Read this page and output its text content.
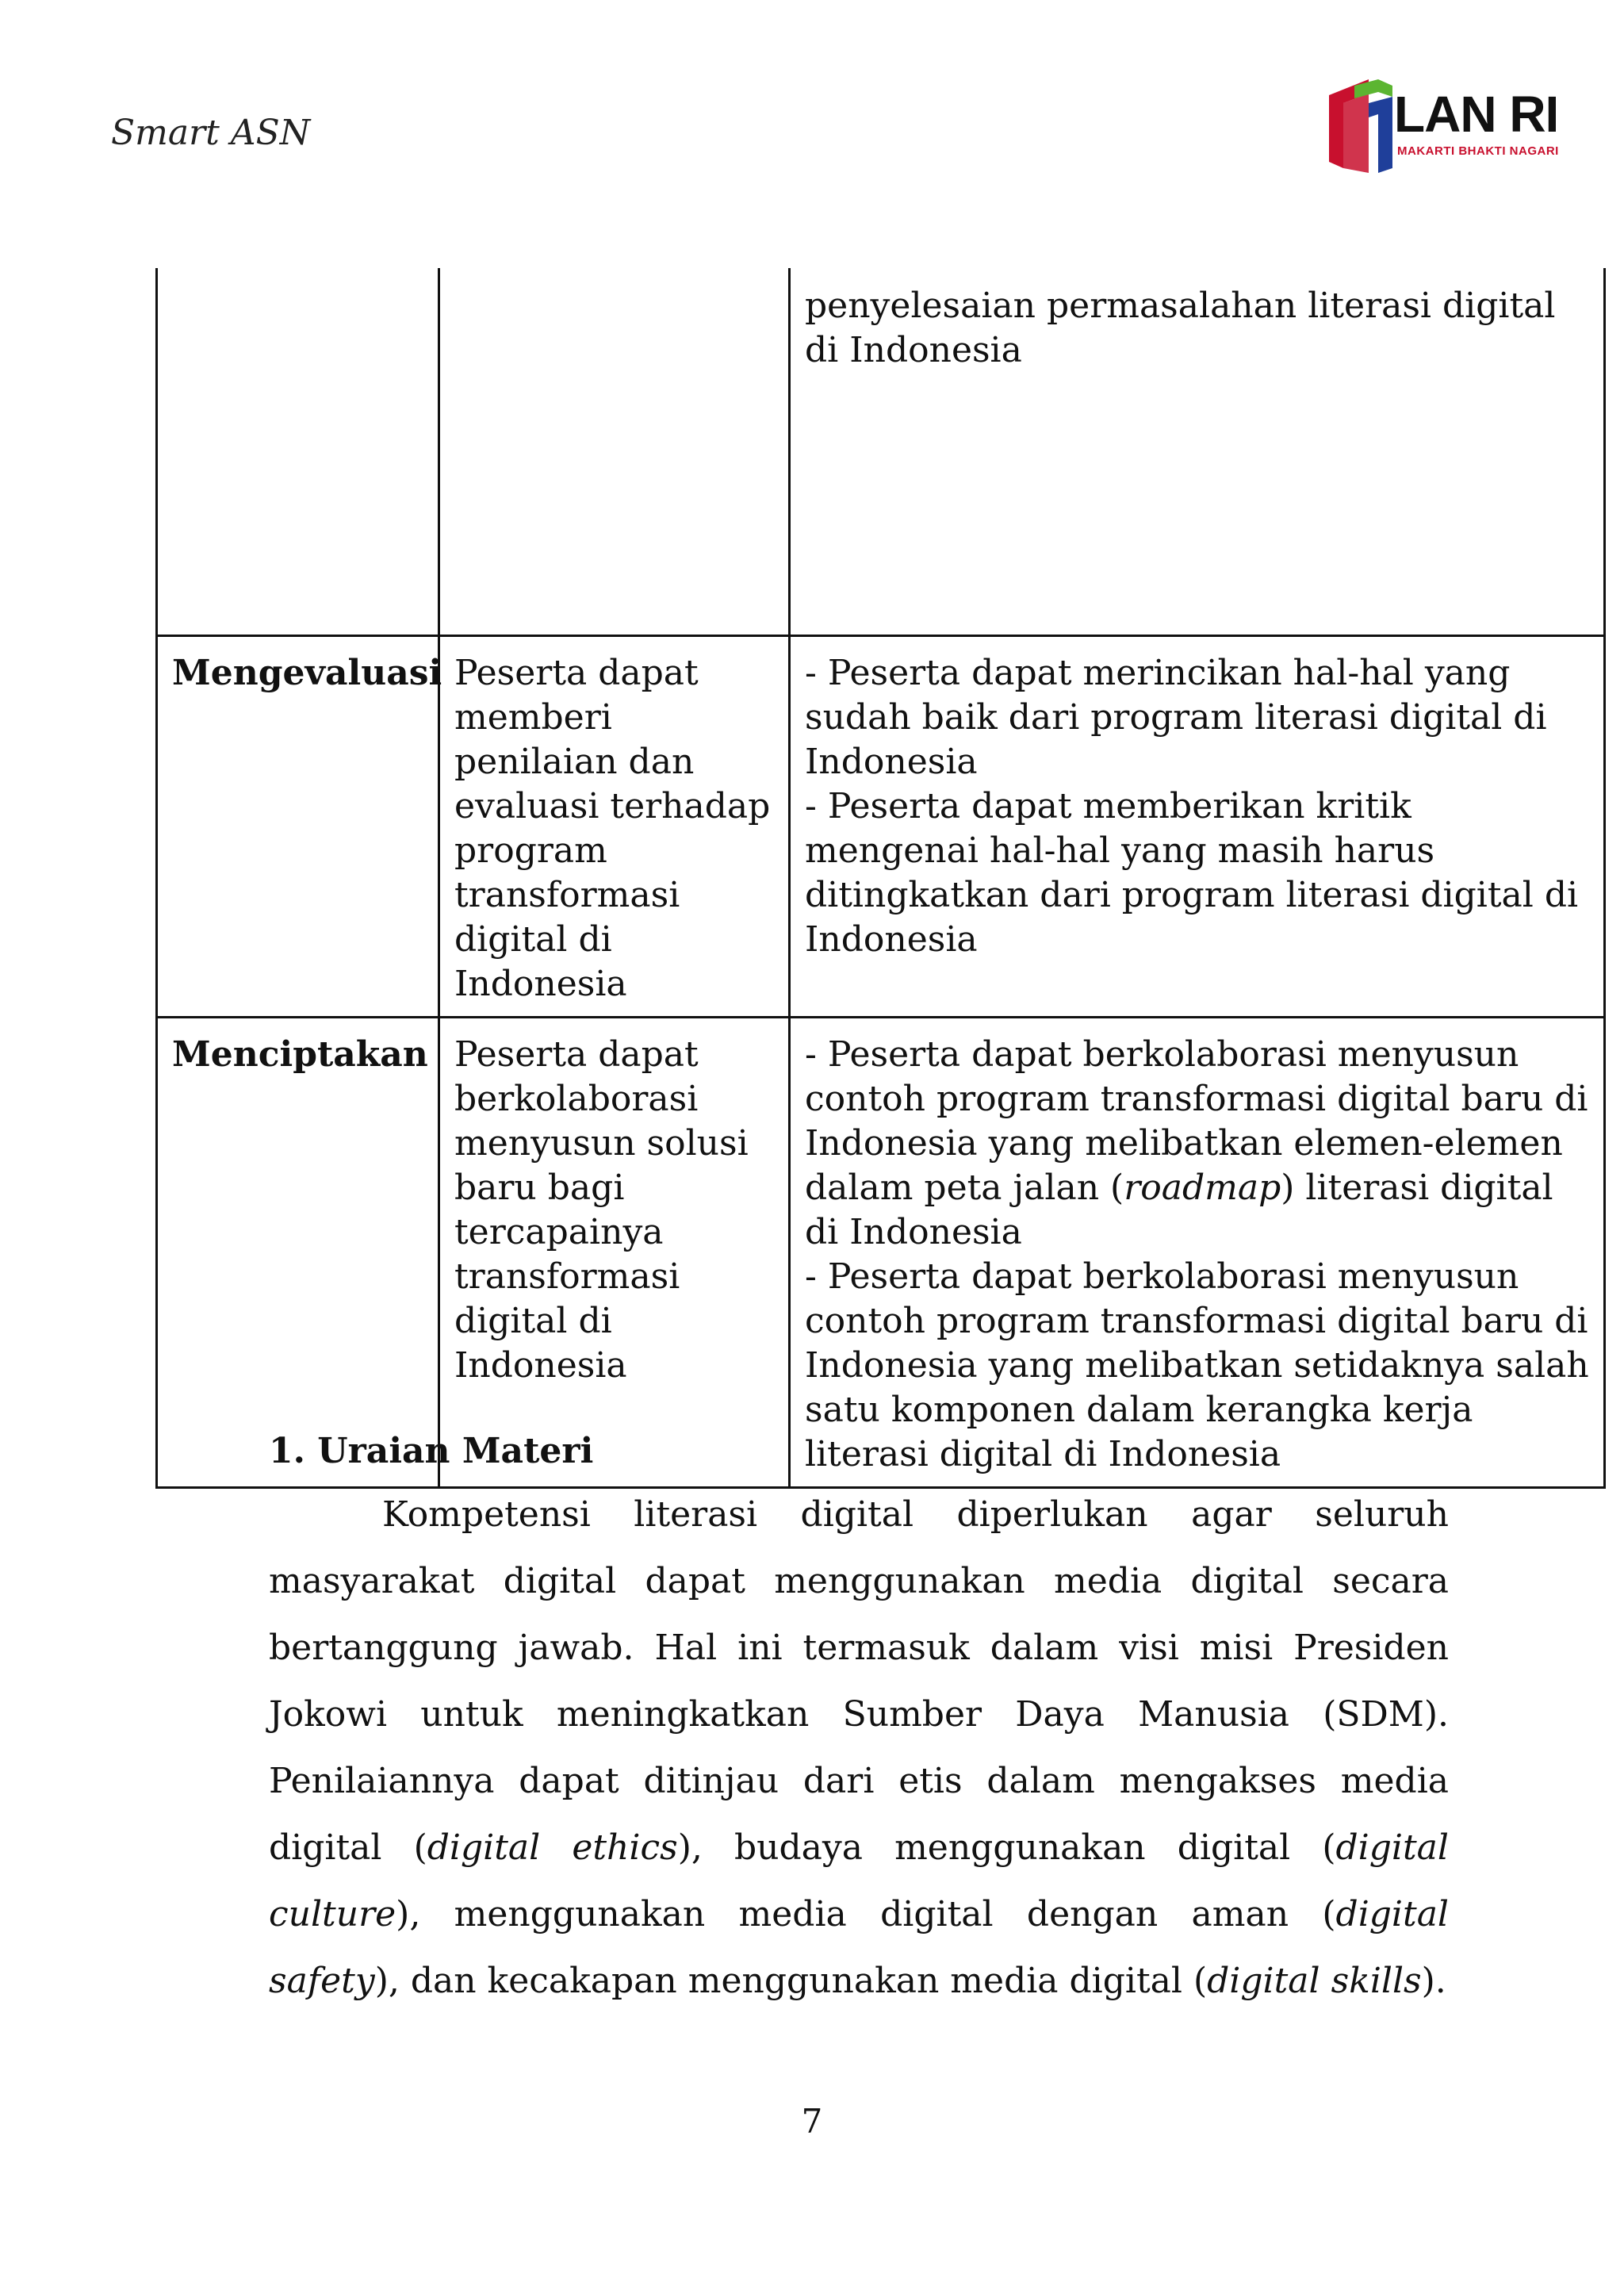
Smart ASN	LAN RI
MAKARTI BHAKTI NAGARI

		penyelesaian permasalahan literasi digital di Indonesia

Mengevaluasi	Peserta dapat memberi penilaian dan evaluasi terhadap program transformasi digital di Indonesia	- Peserta dapat merincikan hal-hal yang sudah baik dari program literasi digital di Indonesia
- Peserta dapat memberikan kritik mengenai hal-hal yang masih harus ditingkatkan dari program literasi digital di Indonesia

Menciptakan	Peserta dapat berkolaborasi menyusun solusi baru bagi tercapainya transformasi digital di Indonesia	- Peserta dapat berkolaborasi menyusun contoh program transformasi digital baru di Indonesia yang melibatkan elemen-elemen dalam peta jalan (roadmap) literasi digital di Indonesia
- Peserta dapat berkolaborasi menyusun contoh program transformasi digital baru di Indonesia yang melibatkan setidaknya salah satu komponen dalam kerangka kerja literasi digital di Indonesia
1. Uraian Materi

Kompetensi literasi digital diperlukan agar seluruh masyarakat digital dapat menggunakan media digital secara bertanggung jawab. Hal ini termasuk dalam visi misi Presiden Jokowi untuk meningkatkan Sumber Daya Manusia (SDM). Penilaiannya dapat ditinjau dari etis dalam mengakses media digital (digital ethics), budaya menggunakan digital (digital culture), menggunakan media digital dengan aman (digital safety), dan kecakapan menggunakan media digital (digital skills).

7
